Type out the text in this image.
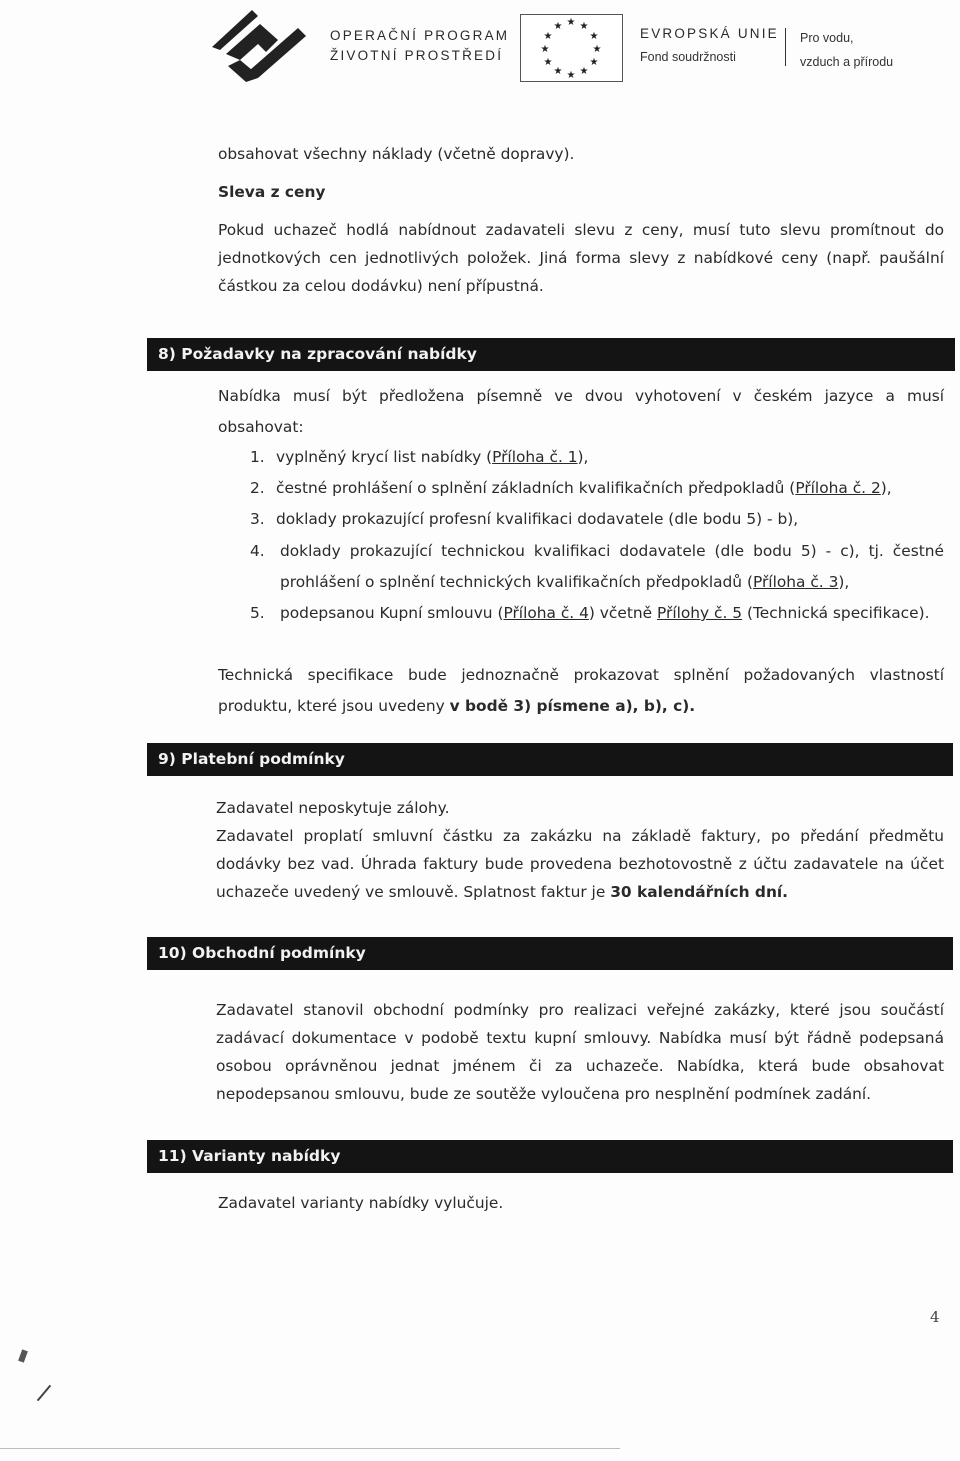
OPERAČNÍ PROGRAM
ŽIVOTNÍ PROSTŘEDÍ
★ ★ ★
★	★
★	★
★	★
★ ★ ★
EVROPSKÁ UNIE
Fond soudržnosti
Pro vodu,
vzduch a přírodu
obsahovat všechny náklady (včetně dopravy).
Sleva z ceny
Pokud uchazeč hodlá nabídnout zadavateli slevu z ceny, musí tuto slevu promítnout do jednotkových cen jednotlivých položek. Jiná forma slevy z nabídkové ceny (např. paušální částkou za celou dodávku) není přípustná.
8) Požadavky na zpracování nabídky
Nabídka musí být předložena písemně ve dvou vyhotovení v českém jazyce a musí obsahovat:
1. vyplněný krycí list nabídky (Příloha č. 1),
2. čestné prohlášení o splnění základních kvalifikačních předpokladů (Příloha č. 2),
3. doklady prokazující profesní kvalifikaci dodavatele (dle bodu 5) - b),
4. doklady prokazující technickou kvalifikaci dodavatele (dle bodu 5) - c), tj. čestné prohlášení o splnění technických kvalifikačních předpokladů (Příloha č. 3),
5. podepsanou Kupní smlouvu (Příloha č. 4) včetně Přílohy č. 5 (Technická specifikace).
Technická specifikace bude jednoznačně prokazovat splnění požadovaných vlastností produktu, které jsou uvedeny v bodě 3) písmene a), b), c).
9) Platební podmínky
Zadavatel neposkytuje zálohy.
Zadavatel proplatí smluvní částku za zakázku na základě faktury, po předání předmětu dodávky bez vad. Úhrada faktury bude provedena bezhotovostně z účtu zadavatele na účet uchazeče uvedený ve smlouvě. Splatnost faktur je 30 kalendářních dní.
10) Obchodní podmínky
Zadavatel stanovil obchodní podmínky pro realizaci veřejné zakázky, které jsou součástí zadávací dokumentace v podobě textu kupní smlouvy. Nabídka musí být řádně podepsaná osobou oprávněnou jednat jménem či za uchazeče. Nabídka, která bude obsahovat nepodepsanou smlouvu, bude ze soutěže vyloučena pro nesplnění podmínek zadání.
11) Varianty nabídky
Zadavatel varianty nabídky vylučuje.
4
